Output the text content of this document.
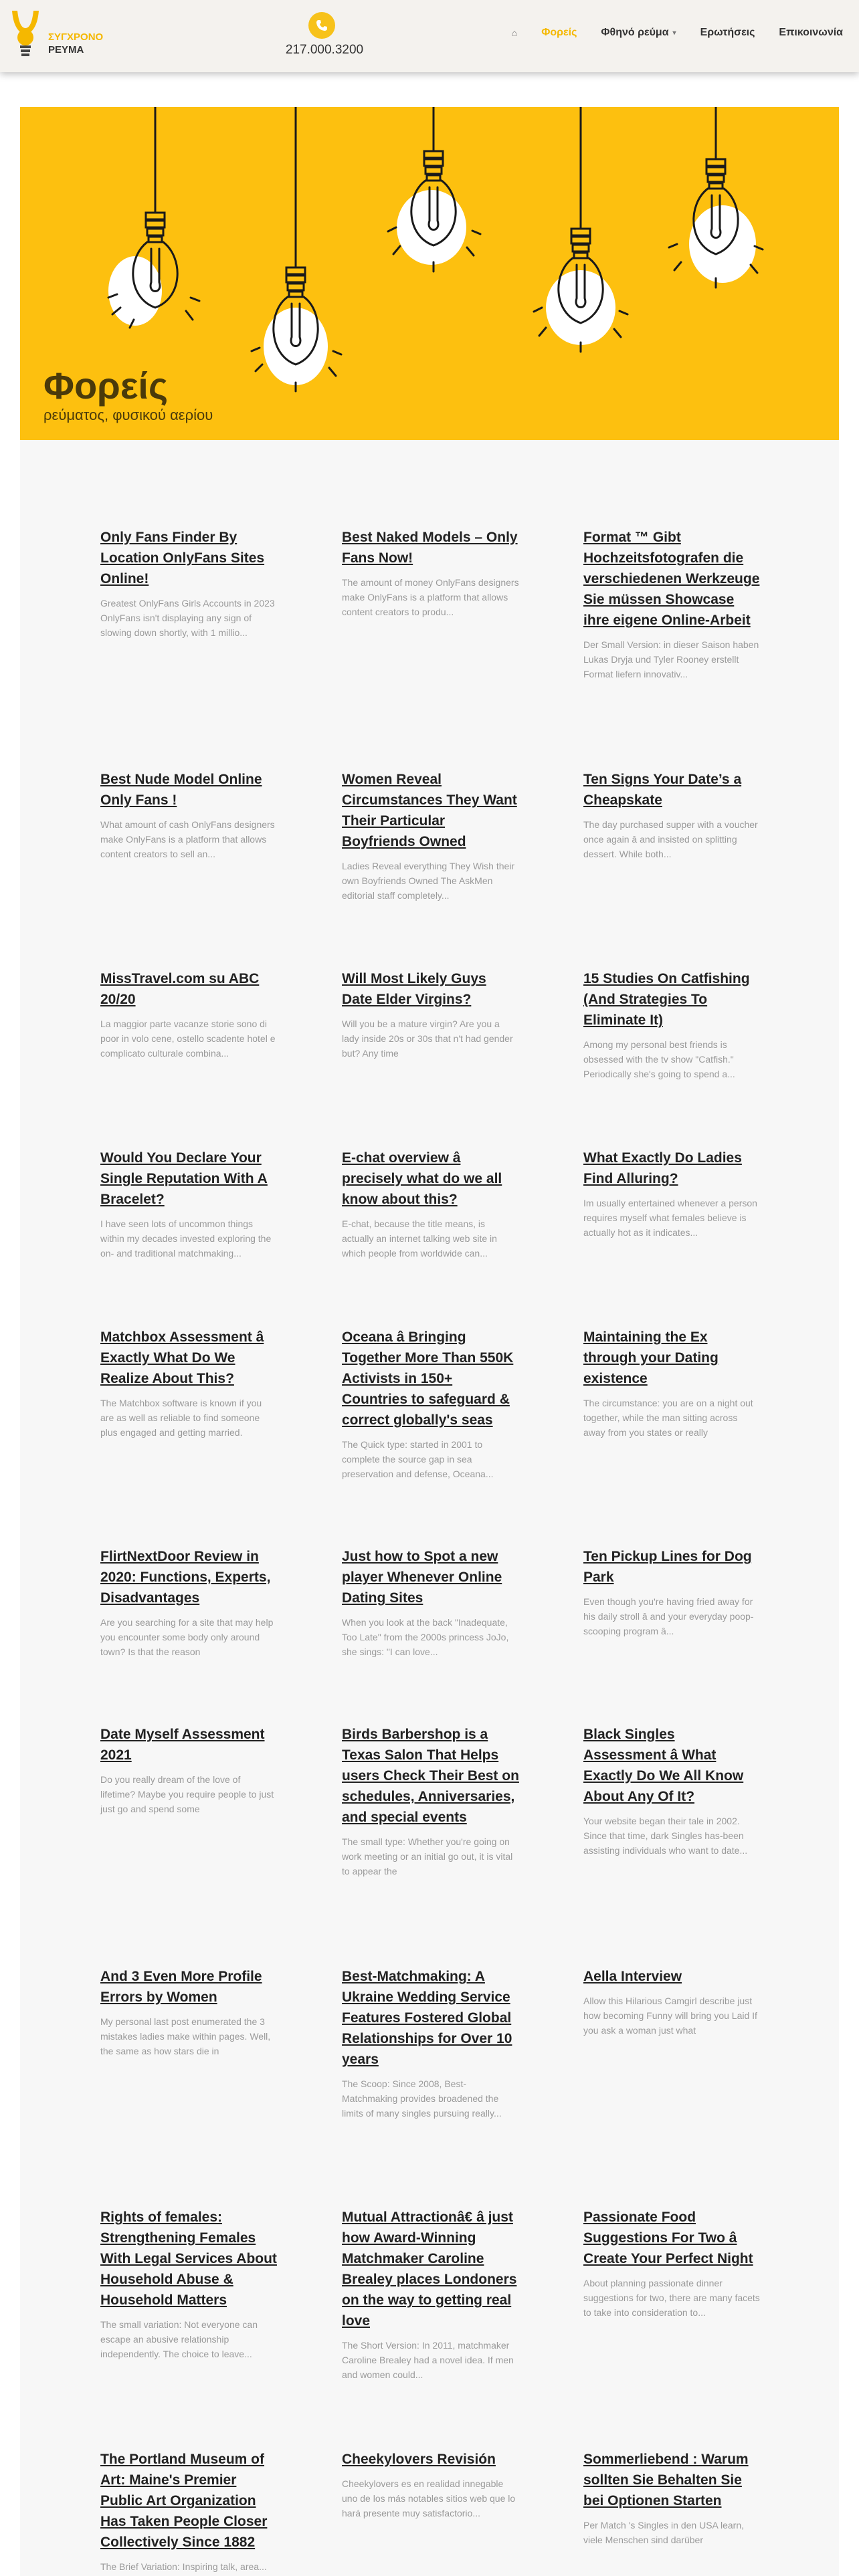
ΣΥΓΧΡΟΝΟ
ΡΕΥΜΑ	217.000.3200
⌂ Φορείς Φθηνό ρεύμα ▾ Ερωτήσεις Επικοινωνία
Φορείς
ρεύματος, φυσικού αερίου
Only Fans Finder By Location OnlyFans Sites Online!

Greatest OnlyFans Girls Accounts in 2023 OnlyFans isn't displaying any sign of slowing down shortly, with 1 millio...

Best Naked Models – Only Fans Now!

The amount of money OnlyFans designers make OnlyFans is a platform that allows content creators to produ...

Format ™ Gibt Hochzeitsfotografen die verschiedenen Werkzeuge Sie müssen Showcase ihre eigene Online-Arbeit

Der Small Version: in dieser Saison haben Lukas Dryja und Tyler Rooney erstellt Format liefern innovativ...

Best Nude Model Online Only Fans !

What amount of cash OnlyFans designers make OnlyFans is a platform that allows content creators to sell an...

Women Reveal Circumstances They Want Their Particular Boyfriends Owned

Ladies Reveal everything They Wish their own Boyfriends Owned The AskMen editorial staff completely...

Ten Signs Your Date’s a Cheapskate

The day purchased supper with a voucher once again â and insisted on splitting dessert. While both...

MissTravel.com su ABC 20/20

La maggior parte vacanze storie sono di poor in volo cene, ostello scadente hotel e complicato culturale combina...

Will Most Likely Guys Date Elder Virgins?

Will you be a mature virgin? Are you a lady inside 20s or 30s that n't had gender but? Any time

15 Studies On Catfishing (And Strategies To Eliminate It)

Among my personal best friends is obsessed with the tv show "Catfish." Periodically she's going to spend a...

Would You Declare Your Single Reputation With A Bracelet?

I have seen lots of uncommon things within my decades invested exploring the on- and traditional matchmaking...

E-chat overview â precisely what do we all know about this?

E-chat, because the title means, is actually an internet talking web site in which people from worldwide can...

What Exactly Do Ladies Find Alluring?

Im usually entertained whenever a person requires myself what females believe is actually hot as it indicates...

Matchbox Assessment â Exactly What Do We Realize About This?

The Matchbox software is known if you are as well as reliable to find someone plus engaged and getting married.

Oceana â Bringing Together More Than 550K Activists in 150+ Countries to safeguard & correct globally's seas

The Quick type: started in 2001 to complete the source gap in sea preservation and defense, Oceana...

Maintaining the Ex through your Dating existence

The circumstance: you are on a night out together, while the man sitting across away from you states or really

FlirtNextDoor Review in 2020: Functions, Experts, Disadvantages

Are you searching for a site that may help you encounter some body only around town? Is that the reason

Just how to Spot a new player Whenever Online Dating Sites

When you look at the back "Inadequate, Too Late" from the 2000s princess JoJo, she sings: "I can love...

Ten Pickup Lines for Dog Park

Even though you're having fried away for his daily stroll â and your everyday poop-scooping program â...

Date Myself Assessment 2021

Do you really dream of the love of lifetime? Maybe you require people to just just go and spend some

Birds Barbershop is a Texas Salon That Helps users Check Their Best on schedules, Anniversaries, and special events

The small type: Whether you're going on work meeting or an initial go out, it is vital to appear the

Black Singles Assessment â What Exactly Do We All Know About Any Of It?

Your website began their tale in 2002. Since that time, dark Singles has-been assisting individuals who want to date...

And 3 Even More Profile Errors by Women

My personal last post enumerated the 3 mistakes ladies make within pages. Well, the same as how stars die in

Best-Matchmaking: A Ukraine Wedding Service Features Fostered Global Relationships for Over 10 years

The Scoop: Since 2008, Best-Matchmaking provides broadened the limits of many singles pursuing really...

Aella Interview

Allow this Hilarious Camgirl describe just how becoming Funny will bring you Laid If you ask a woman just what

Rights of females: Strengthening Females With Legal Services About Household Abuse & Household Matters

The small variation: Not everyone can escape an abusive relationship independently. The choice to leave...

Mutual Attractionâ€ â just how Award-Winning Matchmaker Caroline Brealey places Londoners on the way to getting real love

The Short Version: In 2011, matchmaker Caroline Brealey had a novel idea. If men and women could...

Passionate Food Suggestions For Two â Create Your Perfect Night

About planning passionate dinner suggestions for two, there are many facets to take into consideration to...

The Portland Museum of Art: Maine's Premier Public Art Organization Has Taken People Closer Collectively Since 1882

The Brief Variation: Inspiring talk, area...

Cheekylovers Revisión

Cheekylovers es en realidad innegable uno de los más notables sitios web que lo hará presente muy satisfactorio...

Sommerliebend : Warum sollten Sie Behalten Sie bei Optionen Starten

Per Match 's Singles in den USA learn, viele Menschen sind darüber
